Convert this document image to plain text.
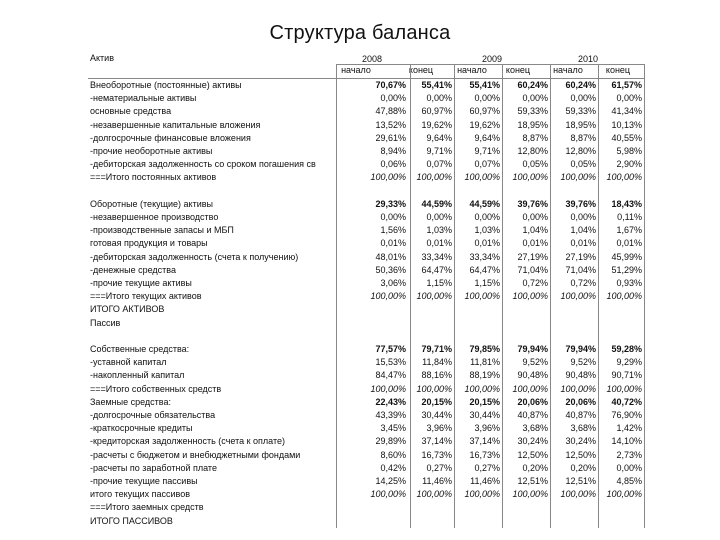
Структура баланса
2008	2009	2010
Актив
начало	конец	начало	конец	начало	конец
Внеоборотные (постоянные) активы	70,67%	55,41%	55,41%	60,24%	60,24%	61,57%
-нематериальные активы	0,00%	0,00%	0,00%	0,00%	0,00%	0,00%
основные средства	47,88%	60,97%	60,97%	59,33%	59,33%	41,34%
-незавершенные капитальные вложения	13,52%	19,62%	19,62%	18,95%	18,95%	10,13%
-долгосрочные финансовые вложения	29,61%	9,64%	9,64%	8,87%	8,87%	40,55%
-прочие необоротные активы	8,94%	9,71%	9,71%	12,80%	12,80%	5,98%
-дебиторская задолженность со сроком погашения св	0,06%	0,07%	0,07%	0,05%	0,05%	2,90%
===Итого постоянных активов	100,00%	100,00%	100,00%	100,00%	100,00%	100,00%
Оборотные (текущие) активы	29,33%	44,59%	44,59%	39,76%	39,76%	18,43%
-незавершенное производство	0,00%	0,00%	0,00%	0,00%	0,00%	0,11%
-производственные запасы и МБП	1,56%	1,03%	1,03%	1,04%	1,04%	1,67%
готовая продукция и товары	0,01%	0,01%	0,01%	0,01%	0,01%	0,01%
-дебиторская задолженность (счета к получению)	48,01%	33,34%	33,34%	27,19%	27,19%	45,99%
-денежные средства	50,36%	64,47%	64,47%	71,04%	71,04%	51,29%
-прочие текущие активы	3,06%	1,15%	1,15%	0,72%	0,72%	0,93%
===Итого текущих активов	100,00%	100,00%	100,00%	100,00%	100,00%	100,00%
ИТОГО АКТИВОВ
Пассив
Собственные средства:	77,57%	79,71%	79,85%	79,94%	79,94%	59,28%
-уставной капитал	15,53%	11,84%	11,81%	9,52%	9,52%	9,29%
-накопленный капитал	84,47%	88,16%	88,19%	90,48%	90,48%	90,71%
===Итого собственных средств	100,00%	100,00%	100,00%	100,00%	100,00%	100,00%
Заемные средства:	22,43%	20,15%	20,15%	20,06%	20,06%	40,72%
-долгосрочные обязательства	43,39%	30,44%	30,44%	40,87%	40,87%	76,90%
-краткосрочные кредиты	3,45%	3,96%	3,96%	3,68%	3,68%	1,42%
-кредиторская задолженность (счета к оплате)	29,89%	37,14%	37,14%	30,24%	30,24%	14,10%
-расчеты с бюджетом и внебюджетными фондами	8,60%	16,73%	16,73%	12,50%	12,50%	2,73%
-расчеты по заработной плате	0,42%	0,27%	0,27%	0,20%	0,20%	0,00%
-прочие текущие пассивы	14,25%	11,46%	11,46%	12,51%	12,51%	4,85%
итого текущих пассивов	100,00%	100,00%	100,00%	100,00%	100,00%	100,00%
===Итого заемных средств
ИТОГО ПАССИВОВ
